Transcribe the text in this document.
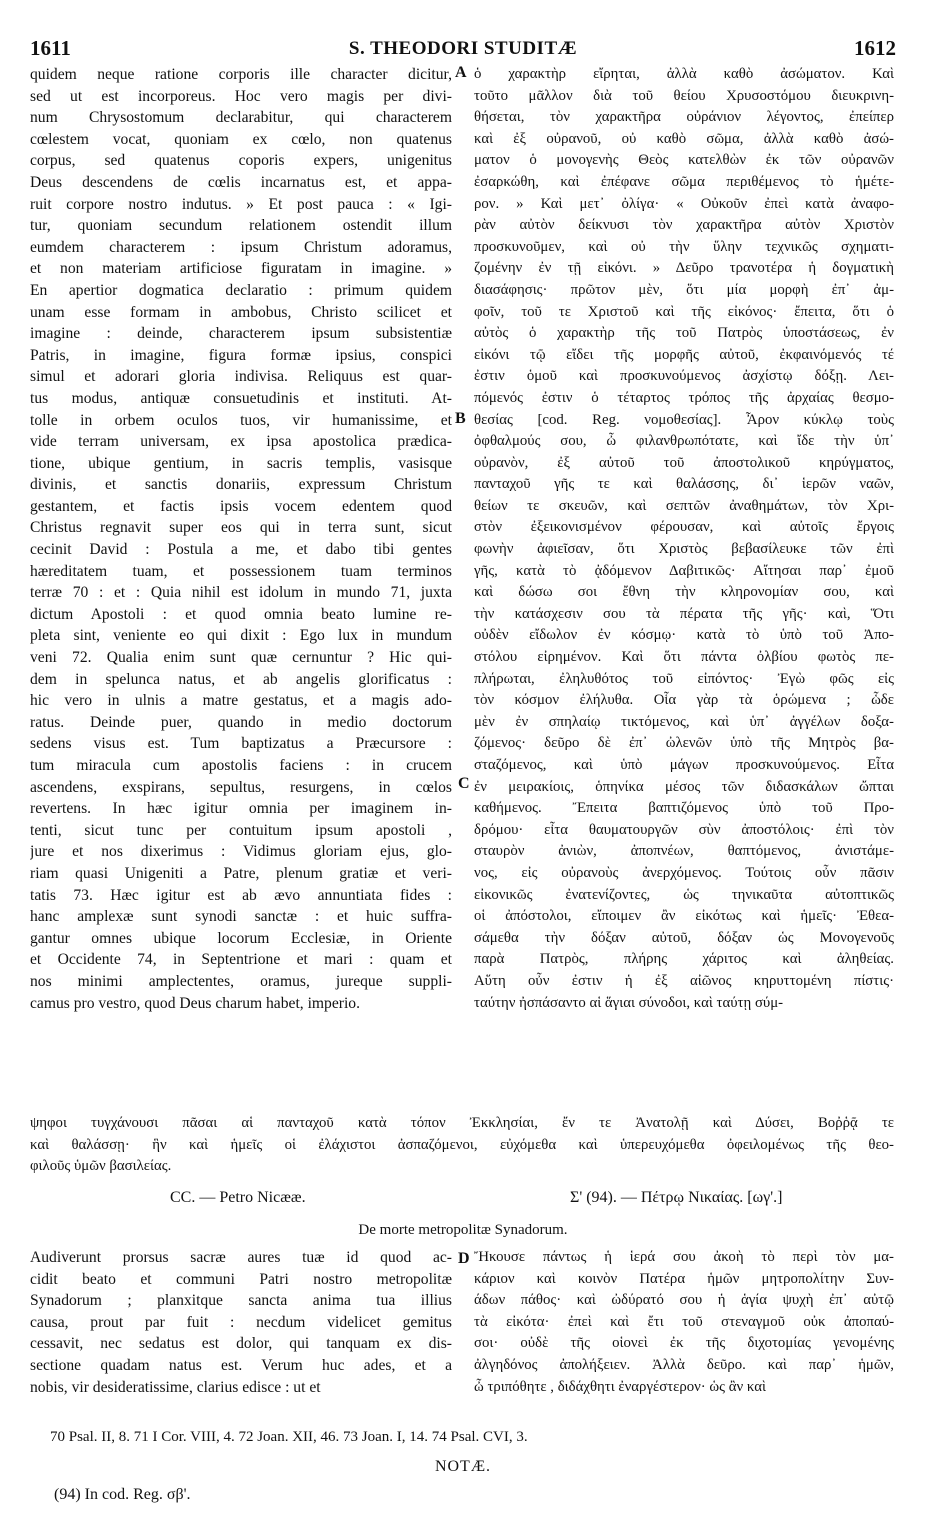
1611	S. THEODORI STUDITÆ	1612
quidem neque ratione corporis ille character dicitur,
sed ut est incorporeus. Hoc vero magis per divi-
num Chrysostomum declarabitur, qui characterem
cœlestem vocat, quoniam ex cœlo, non quatenus
corpus, sed quatenus coporis expers, unigenitus
Deus descendens de cœlis incarnatus est, et appa-
ruit corpore nostro indutus. » Et post pauca : « Igi-
tur, quoniam secundum relationem ostendit illum
eumdem characterem : ipsum Christum adoramus,
et non materiam artificiose figuratam in imagine. »
En apertior dogmatica declaratio : primum quidem
unam esse formam in ambobus, Christo scilicet et
imagine : deinde, characterem ipsum subsistentiæ
Patris, in imagine, figura formæ ipsius, conspici
simul et adorari gloria indivisa. Reliquus est quar-
tus modus, antiquæ consuetudinis et instituti. At-
tolle in orbem oculos tuos, vir humanissime, et
vide terram universam, ex ipsa apostolica prædica-
tione, ubique gentium, in sacris templis, vasisque
divinis, et sanctis donariis, expressum Christum
gestantem, et factis ipsis vocem edentem quod
Christus regnavit super eos qui in terra sunt, sicut
cecinit David : Postula a me, et dabo tibi gentes
hæreditatem tuam, et possessionem tuam terminos
terræ 70 : et : Quia nihil est idolum in mundo 71, juxta
dictum Apostoli : et quod omnia beato lumine re-
pleta sint, veniente eo qui dixit : Ego lux in mundum
veni 72. Qualia enim sunt quæ cernuntur ? Hic qui-
dem in spelunca natus, et ab angelis glorificatus :
hic vero in ulnis a matre gestatus, et a magis ado-
ratus. Deinde puer, quando in medio doctorum
sedens visus est. Tum baptizatus a Præcursore :
tum miracula cum apostolis faciens : in crucem
ascendens, exspirans, sepultus, resurgens, in cœlos
revertens. In hæc igitur omnia per imaginem in-
tenti, sicut tunc per contuitum ipsum apostoli ,
jure et nos dixerimus : Vidimus gloriam ejus, glo-
riam quasi Unigeniti a Patre, plenum gratiæ et veri-
tatis 73. Hæc igitur est ab ævo annuntiata fides :
hanc amplexæ sunt synodi sanctæ : et huic suffra-
gantur omnes ubique locorum Ecclesiæ, in Oriente
et Occidente 74, in Septentrione et mari : quam et
nos minimi amplectentes, oramus, jureque suppli-
camus pro vestro, quod Deus charum habet, imperio.
ὁ χαρακτὴρ εἴρηται, ἀλλὰ καθὸ ἀσώματον. Καὶ
τοῦτο μᾶλλον διὰ τοῦ θείου Χρυσοστόμου διευκρινη-
θήσεται, τὸν χαρακτῆρα οὐράνιον λέγοντος, ἐπείπερ
καὶ ἐξ οὐρανοῦ, οὐ καθὸ σῶμα, ἀλλὰ καθὸ ἀσώ-
ματον ὁ μονογενὴς Θεὸς κατελθὼν ἐκ τῶν οὐρανῶν
ἐσαρκώθη, καὶ ἐπέφανε σῶμα περιθέμενος τὸ ἡμέτε-
ρον. » Καὶ μετ᾿ ὀλίγα· « Οὐκοῦν ἐπεὶ κατὰ ἀναφο-
ρὰν αὐτὸν δείκνυσι τὸν χαρακτῆρα αὐτὸν Χριστὸν
προσκυνοῦμεν, καὶ οὐ τὴν ὕλην τεχνικῶς σχηματι-
ζομένην ἐν τῇ εἰκόνι. » Δεῦρο τρανοτέρα ἡ δογματικὴ
διασάφησις· πρῶτον μὲν, ὅτι μία μορφὴ ἐπ᾿ ἀμ-
φοῖν, τοῦ τε Χριστοῦ καὶ τῆς εἰκόνος· ἔπειτα, ὅτι ὁ
αὐτὸς ὁ χαρακτὴρ τῆς τοῦ Πατρὸς ὑποστάσεως, ἐν
εἰκόνι τῷ εἴδει τῆς μορφῆς αὐτοῦ, ἐκφαινόμενός τέ
ἐστιν ὁμοῦ καὶ προσκυνούμενος ἀσχίστῳ δόξῃ. Λει-
πόμενός ἐστιν ὁ τέταρτος τρόπος τῆς ἀρχαίας θεσμο-
θεσίας [cod. Reg. νομοθεσίας]. Ἆρον κύκλῳ τοὺς
ὀφθαλμούς σου, ὦ φιλανθρωπότατε, καὶ ἴδε τὴν ὑπ᾿
οὐρανὸν, ἐξ αὐτοῦ τοῦ ἀποστολικοῦ κηρύγματος,
πανταχοῦ γῆς τε καὶ θαλάσσης, δι᾿ ἱερῶν ναῶν,
θείων τε σκευῶν, καὶ σεπτῶν ἀναθημάτων, τὸν Χρι-
στὸν ἐξεικονισμένον φέρουσαν, καὶ αὐτοῖς ἔργοις
φωνὴν ἀφιεῖσαν, ὅτι Χριστὸς βεβασίλευκε τῶν ἐπὶ
γῆς, κατὰ τὸ ᾀδόμενον Δαβιτικῶς· Αἴτησαι παρ᾿ ἐμοῦ
καὶ δώσω σοι ἔθνη τὴν κληρονομίαν σου, καὶ
τὴν κατάσχεσιν σου τὰ πέρατα τῆς γῆς· καὶ, Ὅτι
οὐδὲν εἴδωλον ἐν κόσμῳ· κατὰ τὸ ὑπὸ τοῦ Ἀπο-
στόλου εἰρημένον. Καὶ ὅτι πάντα ὀλβίου φωτὸς πε-
πλήρωται, ἐληλυθότος τοῦ εἰπόντος· Ἐγὼ φῶς εἰς
τὸν κόσμον ἐλήλυθα. Οἷα γὰρ τὰ ὁρώμενα ; ὧδε
μὲν ἐν σπηλαίῳ τικτόμενος, καὶ ὑπ᾿ ἀγγέλων δοξα-
ζόμενος· δεῦρο δὲ ἐπ᾿ ὠλενῶν ὑπὸ τῆς Μητρὸς βα-
σταζόμενος, καὶ ὑπὸ μάγων προσκυνούμενος. Εἶτα
ἐν μειρακίοις, ὁπηνίκα μέσος τῶν διδασκάλων ὤπται
καθήμενος. Ἔπειτα βαπτιζόμενος ὑπὸ τοῦ Προ-
δρόμου· εἶτα θαυματουργῶν σὺν ἀποστόλοις· ἐπὶ τὸν
σταυρὸν ἀνιὼν, ἀποπνέων, θαπτόμενος, ἀνιστάμε-
νος, εἰς οὐρανοὺς ἀνερχόμενος. Τούτοις οὖν πᾶσιν
εἰκονικῶς ἐνατενίζοντες, ὡς τηνικαῦτα αὐτοπτικῶς
οἱ ἀπόστολοι, εἴποιμεν ἂν εἰκότως καὶ ἡμεῖς· Ἐθεα-
σάμεθα τὴν δόξαν αὐτοῦ, δόξαν ὡς Μονογενοῦς
παρὰ Πατρὸς, πλήρης χάριτος καὶ ἀληθείας.
Αὕτη οὖν ἐστιν ἡ ἐξ αἰῶνος κηρυττομένη πίστις·
ταύτην ἠσπάσαντο αἱ ἅγιαι σύνοδοι, καὶ ταύτῃ σύμ-
A
B
C
D
ψηφοι τυγχάνουσι πᾶσαι αἱ πανταχοῦ κατὰ τόπον Ἐκκλησίαι, ἔν τε Ἀνατολῇ καὶ Δύσει, Βοῤῥᾷ τε
καὶ θαλάσσῃ· ἣν καὶ ἡμεῖς οἱ ἐλάχιστοι ἀσπαζόμενοι, εὐχόμεθα καὶ ὑπερευχόμεθα ὀφειλομένως τῆς θεο-
φιλοῦς ὑμῶν βασιλείας.
CC. — Petro Nicææ.	Σ' (94). — Πέτρῳ Νικαίας. [ωγ'.]
De morte metropolitæ Synadorum.
Audiverunt prorsus sacræ aures tuæ id quod ac-
cidit beato et communi Patri nostro metropolitæ
Synadorum ; planxitque sancta anima tua illius
causa, prout par fuit : necdum videlicet gemitus
cessavit, nec sedatus est dolor, qui tanquam ex dis-
sectione quadam natus est. Verum huc ades, et a
nobis, vir desideratissime, clarius edisce : ut et
Ἤκουσε πάντως ἡ ἱερά σου ἀκοὴ τὸ περὶ τὸν μα-
κάριον καὶ κοινὸν Πατέρα ἡμῶν μητροπολίτην Συν-
άδων πάθος· καὶ ὠδύρατό σου ἡ ἁγία ψυχὴ ἐπ᾿ αὐτῷ
τὰ εἰκότα· ἐπεὶ καὶ ἔτι τοῦ στεναγμοῦ οὐκ ἀποπαύ-
σοι· οὐδὲ τῆς οἱονεὶ ἐκ τῆς διχοτομίας γενομένης
ἀλγηδόνος ἀπολήξειεν. Ἀλλὰ δεῦρο. καὶ παρ᾿ ἡμῶν,
ὦ τριπόθητε , διδάχθητι ἐναργέστερον· ὡς ἂν καὶ
70 Psal. II, 8. 71 I Cor. VIII, 4. 72 Joan. XII, 46. 73 Joan. I, 14. 74 Psal. CVI, 3.
NOTÆ.
(94) In cod. Reg. σβ'.
